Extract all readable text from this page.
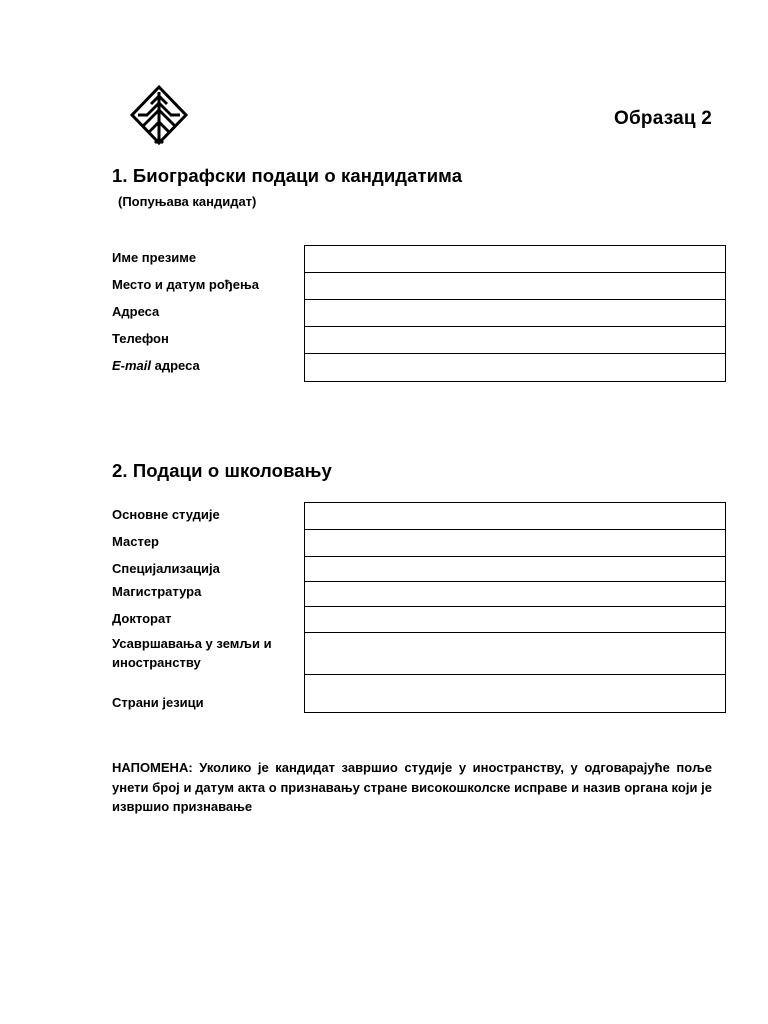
Образац 2
1. Биографски подаци о кандидатима
(Попуњава кандидат)
Име презиме
Место и датум рођења
Адреса
Телефон
E-mail адреса
2. Подаци о школовању
Основне студије
Мастер
Специјализација
Магистратура
Докторат
Усавршавања у земљи и иностранству
Страни језици
НАПОМЕНА: Уколико је кандидат завршио студије у иностранству, у одговарајуће поље унети број и датум акта о признавању стране високошколске исправе и назив органа који је извршио признавање
